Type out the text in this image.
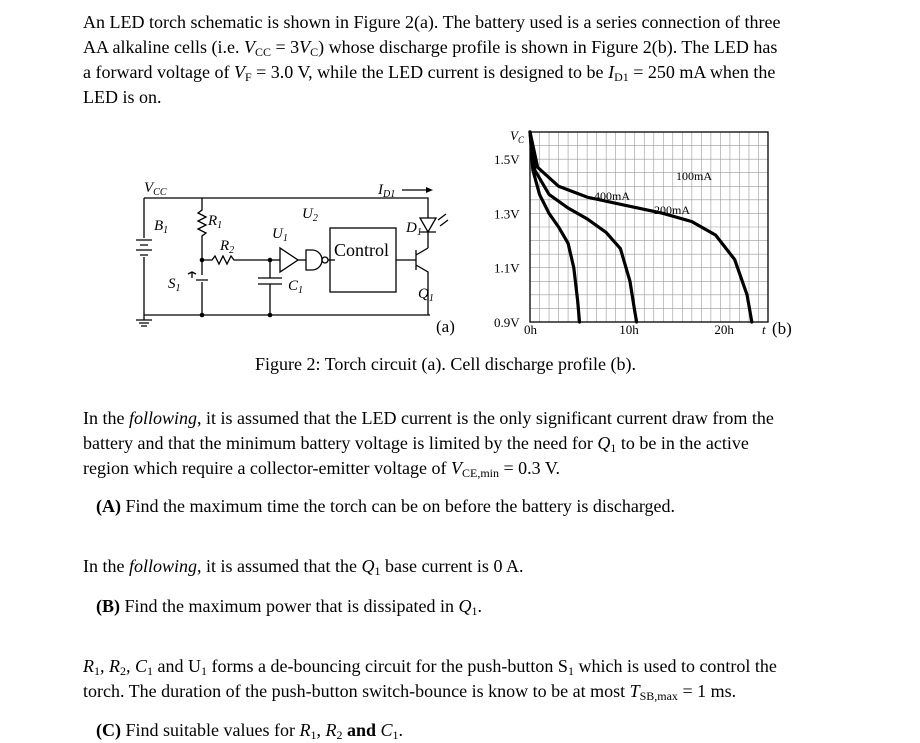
An LED torch schematic is shown in Figure 2(a). The battery used is a series connection of three
AA alkaline cells (i.e. $V_{CC} = 3V_C$) whose discharge profile is shown in Figure 2(b). The LED has
a forward voltage of $V_F = 3.0$ V, while the LED current is designed to be $I_{D1} = 250$ mA when the
LED is on.
$V_{CC}$
$B_1$
$R_1$
$R_2$
$S_1$	$C_1$
$U_1$
$U_2$
$I_{D1}$
$D_1$
$Q_1$
Control
(a)
1.5V
1.3V
1.1V
0.9V 0h	10h	20h
$V_C$
t (b)
400mA
200mA
100mA
Figure 2: Torch circuit (a). Cell discharge profile (b).
In the following, it is assumed that the LED current is the only significant current draw from the
battery and that the minimum battery voltage is limited by the need for $Q_1$ to be in the active
region which require a collector-emitter voltage of $V_{CE,min} = 0.3$ V.
(A) Find the maximum time the torch can be on before the battery is discharged.
In the following, it is assumed that the $Q_1$ base current is 0 A.
(B) Find the maximum power that is dissipated in $Q_1$.
$R_1$, $R_2$, $C_1$ and $U_1$ forms a de-bouncing circuit for the push-button $S_1$ which is used to control the
torch. The duration of the push-button switch-bounce is know to be at most $T_{SB,max} = 1$ ms.
(C) Find suitable values for $R_1$, $R_2$ and $C_1$.
